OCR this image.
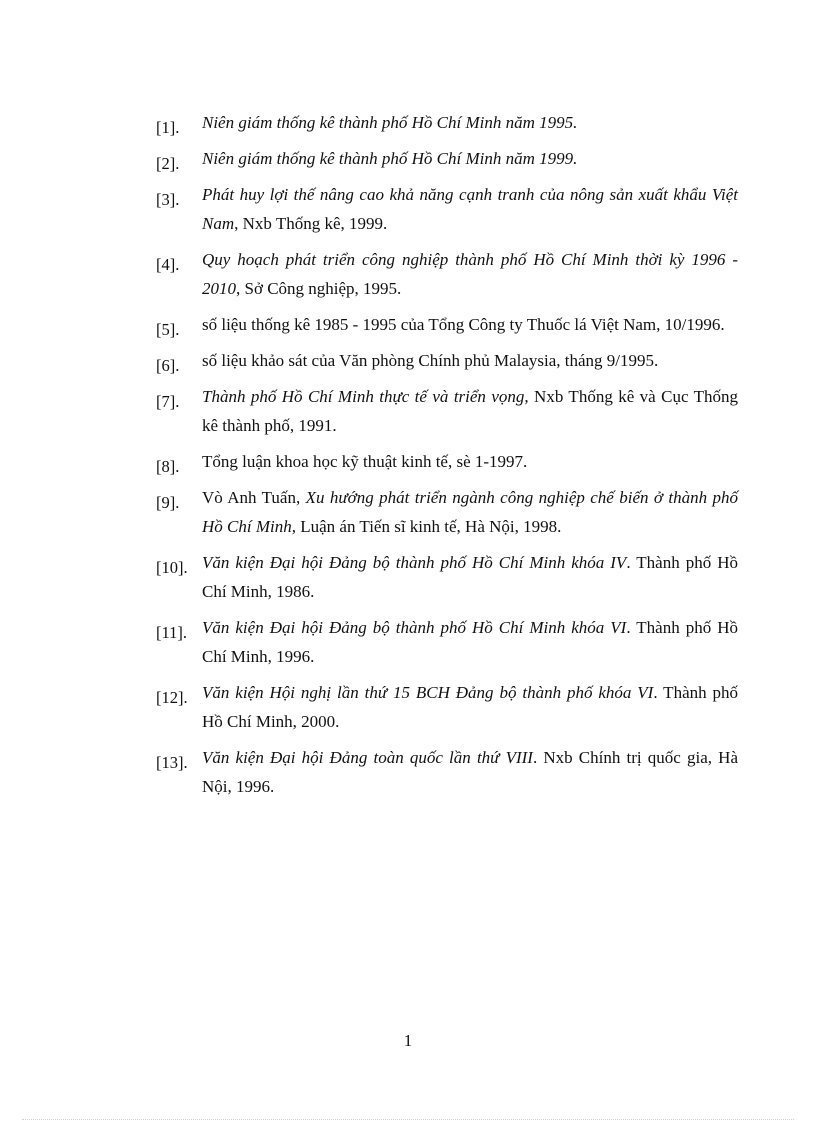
[1].	Niên giám thống kê thành phố Hồ Chí Minh năm 1995.
[2].	Niên giám thống kê thành phố Hồ Chí Minh năm 1999.
[3].	Phát huy lợi thế nâng cao khả năng cạnh tranh của nông sản xuất khẩu Việt Nam, Nxb Thống kê, 1999.
[4].	Quy hoạch phát triển công nghiệp thành phố Hồ Chí Minh thời kỳ 1996 - 2010, Sở Công nghiệp, 1995.
[5].	số liệu thống kê 1985 - 1995 của Tổng Công ty Thuốc lá Việt Nam, 10/1996.
[6].	số liệu khảo sát của Văn phòng Chính phủ Malaysia, tháng 9/1995.
[7].	Thành phố Hồ Chí Minh thực tế và triển vọng, Nxb Thống kê và Cục Thống kê thành phố, 1991.
[8].	Tổng luận khoa học kỹ thuật kinh tế, sè 1-1997.
[9].	Vò Anh Tuấn, Xu hướng phát triển ngành công nghiệp chế biến ở thành phố Hồ Chí Minh, Luận án Tiến sĩ kinh tế, Hà Nội, 1998.
[10]. Văn kiện Đại hội Đảng bộ thành phố Hồ Chí Minh khóa IV. Thành phố Hồ Chí Minh, 1986.
[11]. Văn kiện Đại hội Đảng bộ thành phố Hồ Chí Minh khóa VI. Thành phố Hồ Chí Minh, 1996.
[12]. Văn kiện Hội nghị lần thứ 15 BCH Đảng bộ thành phố khóa VI. Thành phố Hồ Chí Minh, 2000.
[13]. Văn kiện Đại hội Đảng toàn quốc lần thứ VIII. Nxb Chính trị quốc gia, Hà Nội, 1996.
1
